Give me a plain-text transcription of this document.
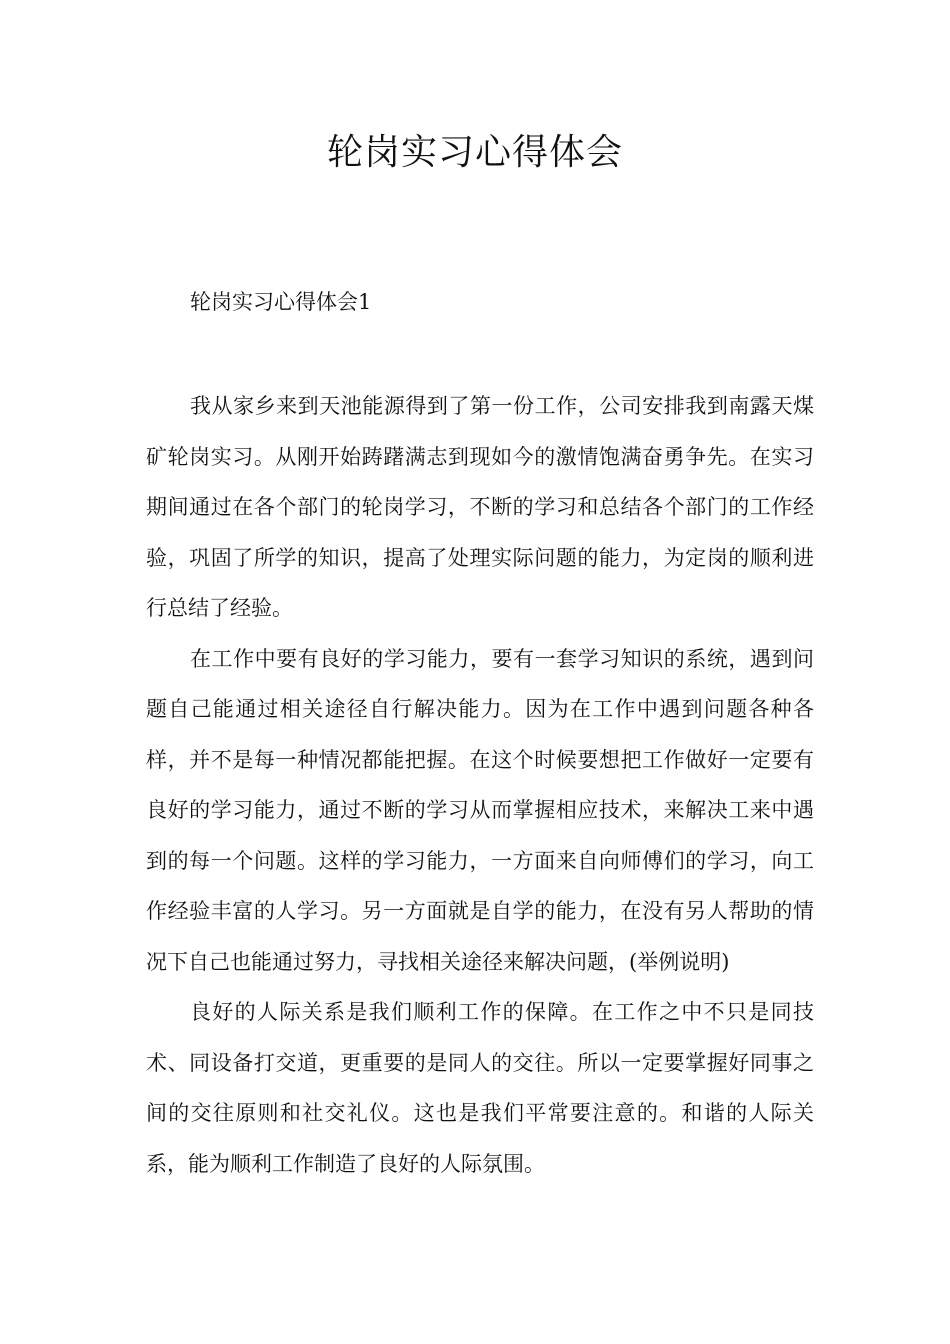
轮岗实习心得体会

轮岗实习心得体会1

我从家乡来到天池能源得到了第一份工作，公司安排我到南露天煤矿轮岗实习。从刚开始踌躇满志到现如今的激情饱满奋勇争先。在实习期间通过在各个部门的轮岗学习，不断的学习和总结各个部门的工作经验，巩固了所学的知识，提高了处理实际问题的能力，为定岗的顺利进行总结了经验。

在工作中要有良好的学习能力，要有一套学习知识的系统，遇到问题自己能通过相关途径自行解决能力。因为在工作中遇到问题各种各样，并不是每一种情况都能把握。在这个时候要想把工作做好一定要有良好的学习能力，通过不断的学习从而掌握相应技术，来解决工来中遇到的每一个问题。这样的学习能力，一方面来自向师傅们的学习，向工作经验丰富的人学习。另一方面就是自学的能力，在没有另人帮助的情况下自己也能通过努力，寻找相关途径来解决问题，(举例说明)

良好的人际关系是我们顺利工作的保障。在工作之中不只是同技术、同设备打交道，更重要的是同人的交往。所以一定要掌握好同事之间的交往原则和社交礼仪。这也是我们平常要注意的。和谐的人际关系，能为顺利工作制造了良好的人际氛围。
